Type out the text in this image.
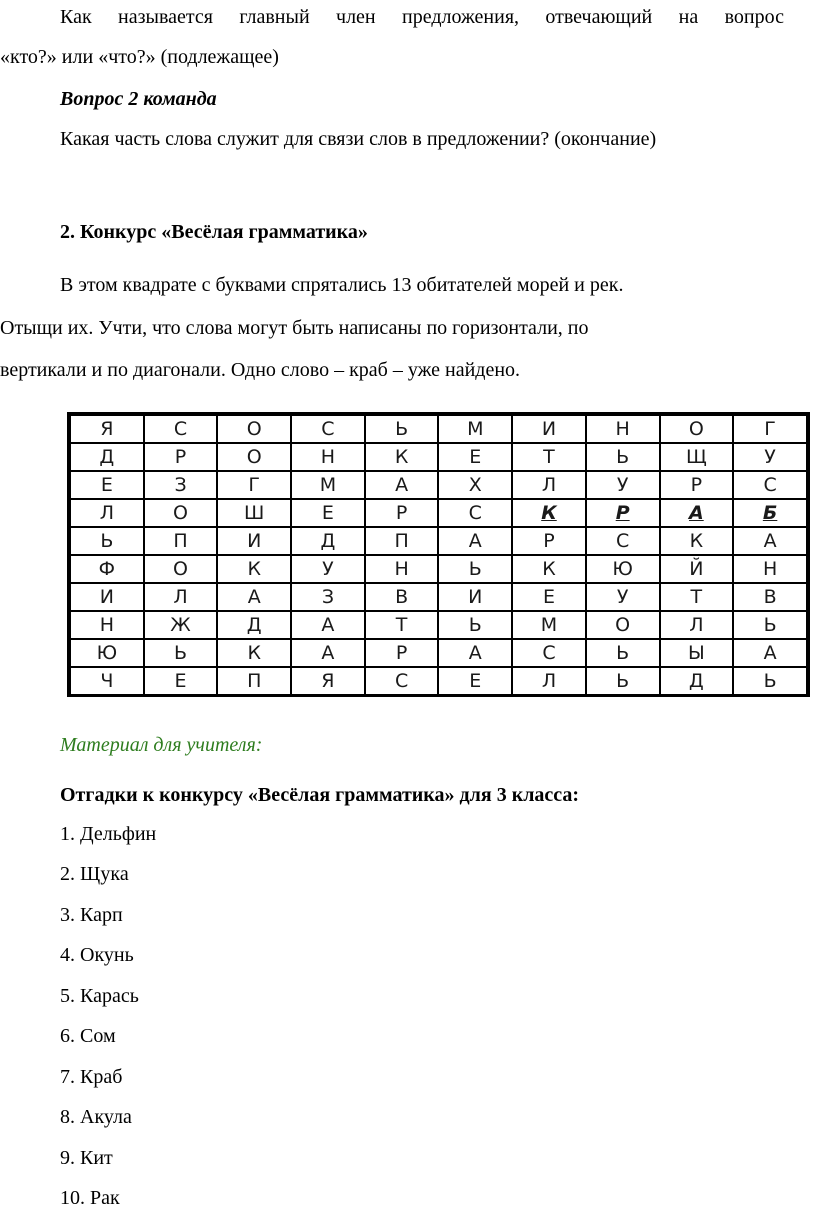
Как называется главный член предложения, отвечающий на вопрос
«кто?» или «что?» (подлежащее)
Вопрос 2 команда
Какая часть слова служит для связи слов в предложении? (окончание)
2. Конкурс «Весёлая грамматика»
В этом квадрате с буквами спрятались 13 обитателей морей и рек.
Отыщи их. Учти, что слова могут быть написаны по горизонтали, по
вертикали и по диагонали. Одно слово – краб – уже найдено.
Я	С	О	С	Ь	М	И	Н	О	Г
Д	Р	О	Н	К	Е	Т	Ь	Щ	У
Е	З	Г	М	А	Х	Л	У	Р	С
Л	О	Ш	Е	Р	С	К	Р	А	Б
Ь	П	И	Д	П	А	Р	С	К	А
Ф	О	К	У	Н	Ь	К	Ю	Й	Н
И	Л	А	З	В	И	Е	У	Т	В
Н	Ж	Д	А	Т	Ь	М	О	Л	Ь
Ю	Ь	К	А	Р	А	С	Ь	Ы	А
Ч	Е	П	Я	С	Е	Л	Ь	Д	Ь
Материал для учителя:
Отгадки к конкурсу «Весёлая грамматика» для 3 класса:
1. Дельфин
2. Щука
3. Карп
4. Окунь
5. Карась
6. Сом
7. Краб
8. Акула
9. Кит
10. Рак
